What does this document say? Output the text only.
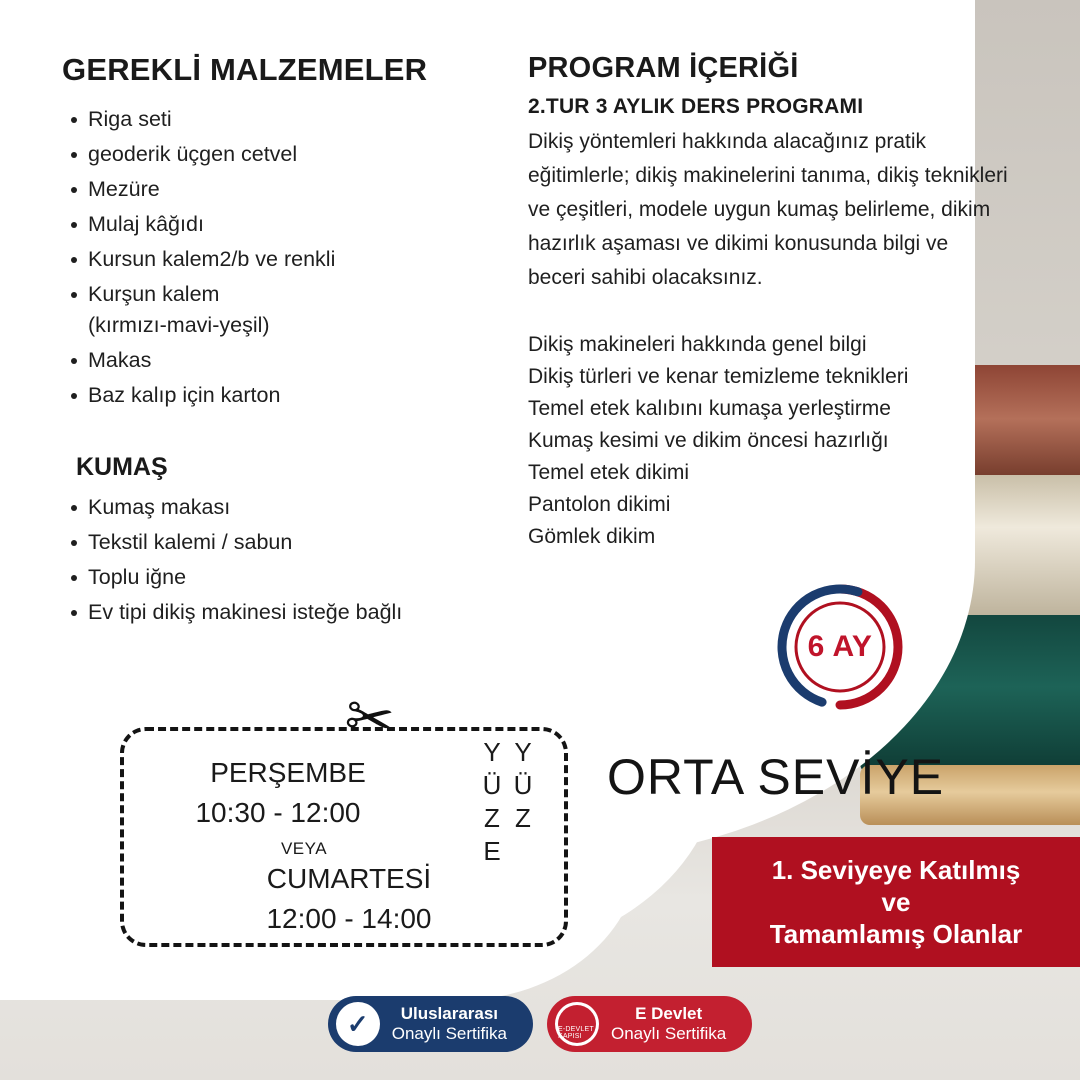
GEREKLİ MALZEMELER
Riga seti
geoderik üçgen cetvel
Mezüre
Mulaj kâğıdı
Kursun kalem2/b ve renkli
Kurşun kalem
(kırmızı-mavi-yeşil)
Makas
Baz kalıp için karton
KUMAŞ
Kumaş makası
Tekstil kalemi / sabun
Toplu iğne
Ev tipi dikiş makinesi isteğe bağlı
PROGRAM İÇERİĞİ
2.TUR 3 AYLIK DERS PROGRAMI

Dikiş yöntemleri hakkında alacağınız pratik eğitimlerle; dikiş makinelerini tanıma, dikiş teknikleri ve çeşitleri, modele uygun kumaş belirleme, dikim hazırlık aşaması ve dikimi konusunda bilgi ve beceri sahibi olacaksınız.

Dikiş makineleri hakkında genel bilgi
Dikiş türleri ve kenar temizleme teknikleri
Temel etek kalıbını kumaşa yerleştirme
Kumaş kesimi ve dikim öncesi hazırlığı
Temel etek dikimi
Pantolon dikimi
Gömlek dikim
6 AY
✂
PERŞEMBE
10:30 - 12:00
VEYA
CUMARTESİ
12:00 - 14:00
YÜZ YÜZE	ORTA SEVİYE
1. Seviyeye Katılmış
ve
Tamamlamış Olanlar
✓	Uluslararası
Onaylı Sertifika	E-DEVLET KAPISI
E Devlet
Onaylı Sertifika
